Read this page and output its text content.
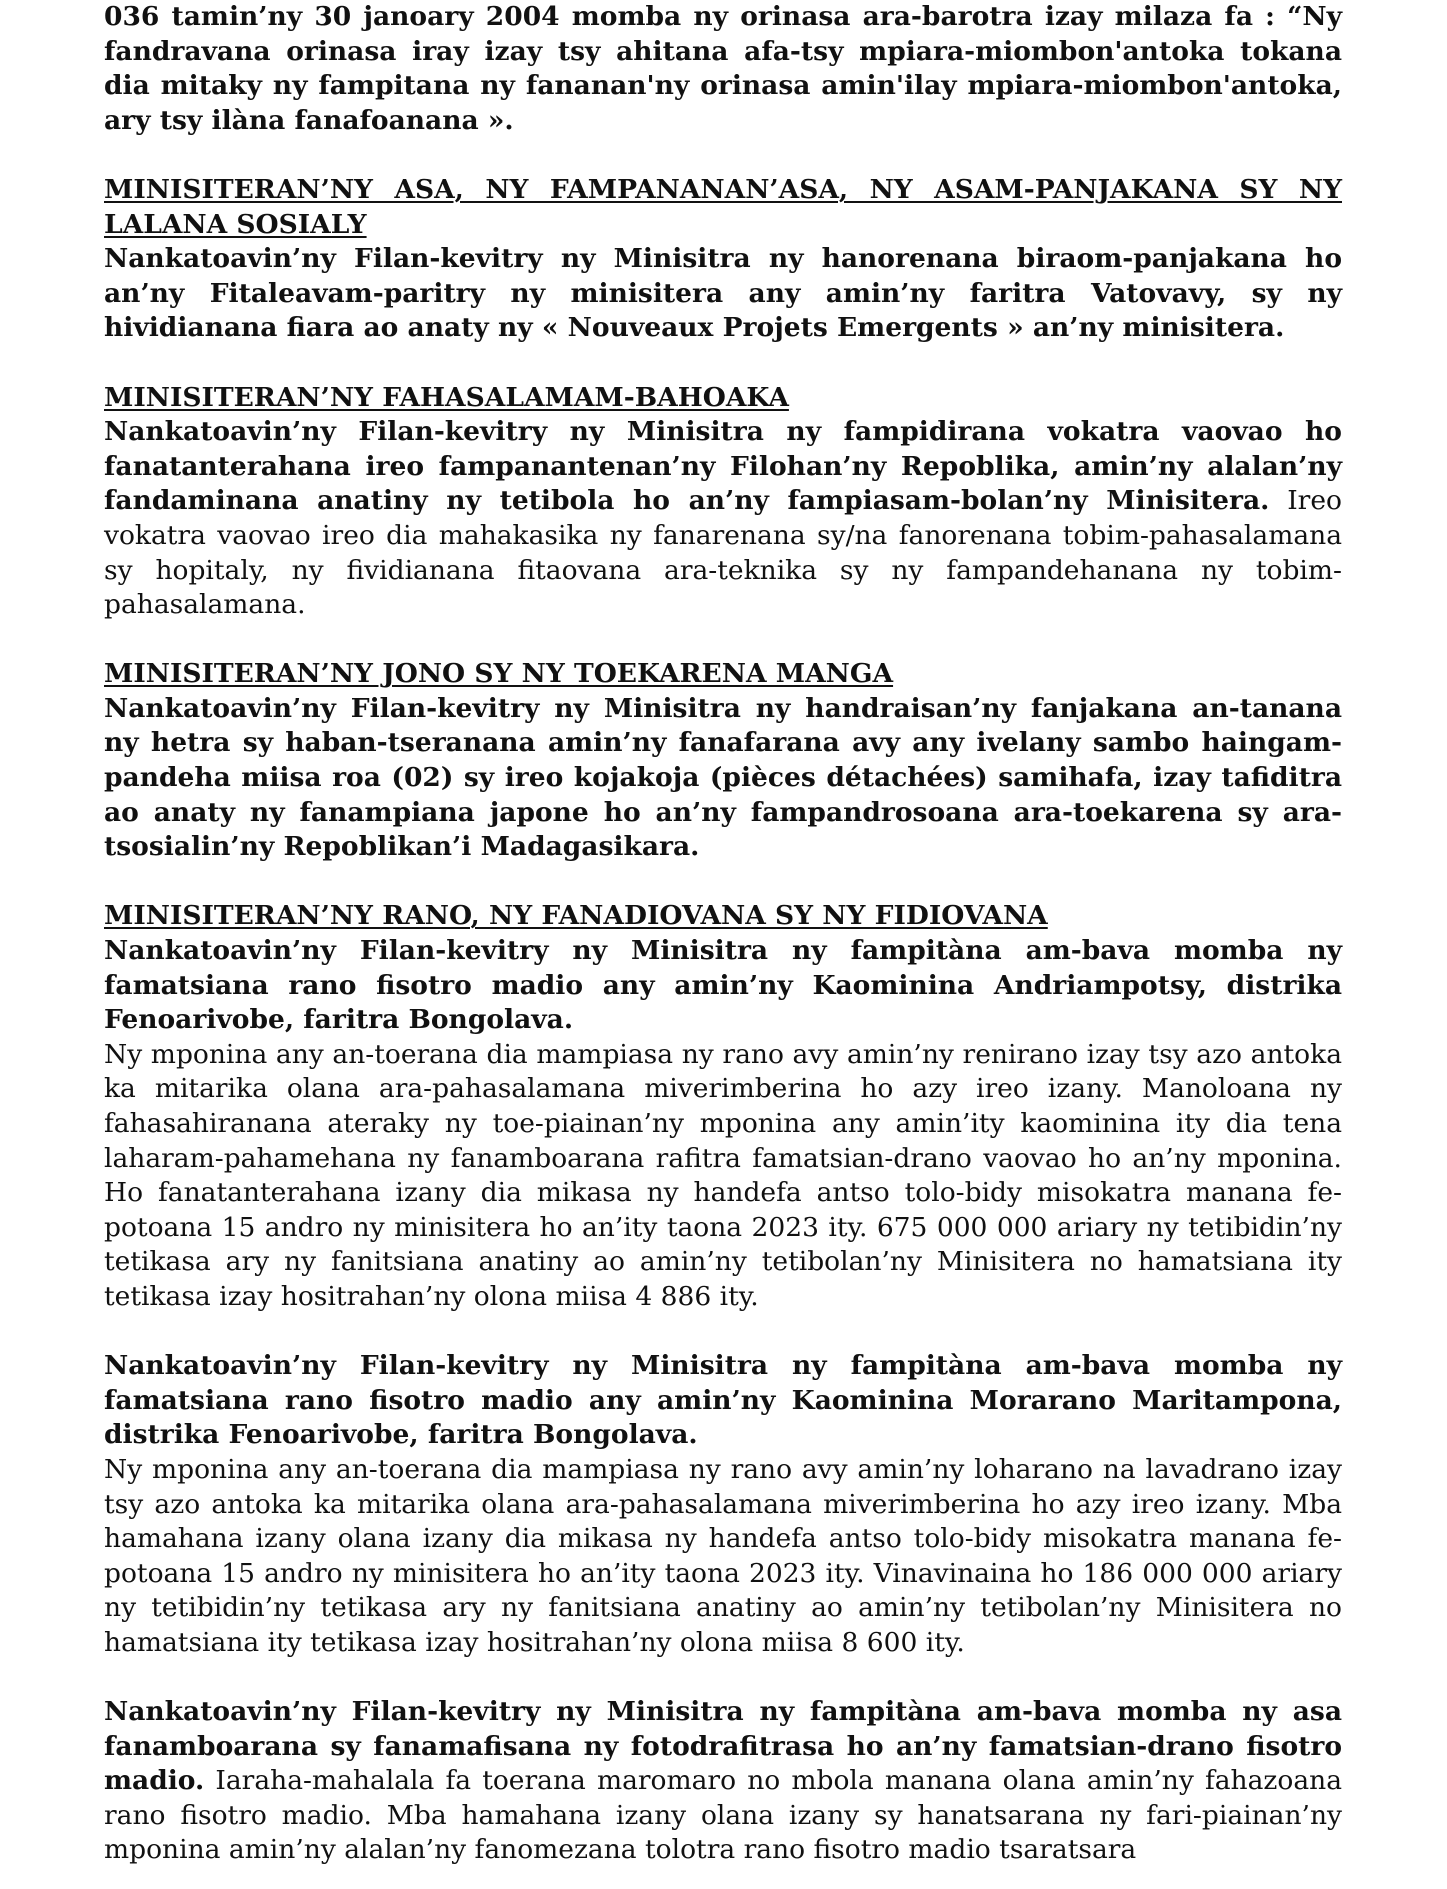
036 tamin’ny 30 janoary 2004 momba ny orinasa ara-barotra izay milaza fa : “Ny fandravana orinasa iray izay tsy ahitana afa-tsy mpiara-miombon'antoka tokana dia mitaky ny fampitana ny fananan'ny orinasa amin'ilay mpiara-miombon'antoka, ary tsy ilàna fanafoanana ».

MINISITERAN’NY ASA, NY FAMPANANAN’ASA, NY ASAM-PANJAKANA SY NY LALANA SOSIALY

Nankatoavin’ny Filan-kevitry ny Minisitra ny hanorenana biraom-panjakana ho an’ny Fitaleavam-paritry ny minisitera any amin’ny faritra Vatovavy, sy ny hividianana fiara ao anaty ny « Nouveaux Projets Emergents » an’ny minisitera.

MINISITERAN’NY FAHASALAMAM-BAHOAKA

Nankatoavin’ny Filan-kevitry ny Minisitra ny fampidirana vokatra vaovao ho fanatanterahana ireo fampanantenan’ny Filohan’ny Repoblika, amin’ny alalan’ny fandaminana anatiny ny tetibola ho an’ny fampiasam-bolan’ny Minisitera. Ireo vokatra vaovao ireo dia mahakasika ny fanarenana sy/na fanorenana tobim-pahasalamana sy hopitaly, ny fividianana fitaovana ara-teknika sy ny fampandehanana ny tobim-pahasalamana.

MINISITERAN’NY JONO SY NY TOEKARENA MANGA

Nankatoavin’ny Filan-kevitry ny Minisitra ny handraisan’ny fanjakana an-tanana ny hetra sy haban-tseranana amin’ny fanafarana avy any ivelany sambo haingam-pandeha miisa roa (02) sy ireo kojakoja (pièces détachées) samihafa, izay tafiditra ao anaty ny fanampiana japone ho an’ny fampandrosoana ara-toekarena sy ara-tsosialin’ny Repoblikan’i Madagasikara.

MINISITERAN’NY RANO, NY FANADIOVANA SY NY FIDIOVANA

Nankatoavin’ny Filan-kevitry ny Minisitra ny fampitàna am-bava momba ny famatsiana rano fisotro madio any amin’ny Kaominina Andriampotsy, distrika Fenoarivobe, faritra Bongolava.

Ny mponina any an-toerana dia mampiasa ny rano avy amin’ny renirano izay tsy azo antoka ka mitarika olana ara-pahasalamana miverimberina ho azy ireo izany. Manoloana ny fahasahiranana ateraky ny toe-piainan’ny mponina any amin’ity kaominina ity dia tena laharam-pahamehana ny fanamboarana rafitra famatsian-drano vaovao ho an’ny mponina. Ho fanatanterahana izany dia mikasa ny handefa antso tolo-bidy misokatra manana fe-potoana 15 andro ny minisitera ho an’ity taona 2023 ity. 675 000 000 ariary ny tetibidin’ny tetikasa ary ny fanitsiana anatiny ao amin’ny tetibolan’ny Minisitera no hamatsiana ity tetikasa izay hositrahan’ny olona miisa 4 886 ity.

Nankatoavin’ny Filan-kevitry ny Minisitra ny fampitàna am-bava momba ny famatsiana rano fisotro madio any amin’ny Kaominina Morarano Maritampona, distrika Fenoarivobe, faritra Bongolava.

Ny mponina any an-toerana dia mampiasa ny rano avy amin’ny loharano na lavadrano izay tsy azo antoka ka mitarika olana ara-pahasalamana miverimberina ho azy ireo izany. Mba hamahana izany olana izany dia mikasa ny handefa antso tolo-bidy misokatra manana fe-potoana 15 andro ny minisitera ho an’ity taona 2023 ity. Vinavinaina ho 186 000 000 ariary ny tetibidin’ny tetikasa ary ny fanitsiana anatiny ao amin’ny tetibolan’ny Minisitera no hamatsiana ity tetikasa izay hositrahan’ny olona miisa 8 600 ity.

Nankatoavin’ny Filan-kevitry ny Minisitra ny fampitàna am-bava momba ny asa fanamboarana sy fanamafisana ny fotodrafitrasa ho an’ny famatsian-drano fisotro madio. Iaraha-mahalala fa toerana maromaro no mbola manana olana amin’ny fahazoana rano fisotro madio. Mba hamahana izany olana izany sy hanatsarana ny fari-piainan’ny mponina amin’ny alalan’ny fanomezana tolotra rano fisotro madio tsaratsara
